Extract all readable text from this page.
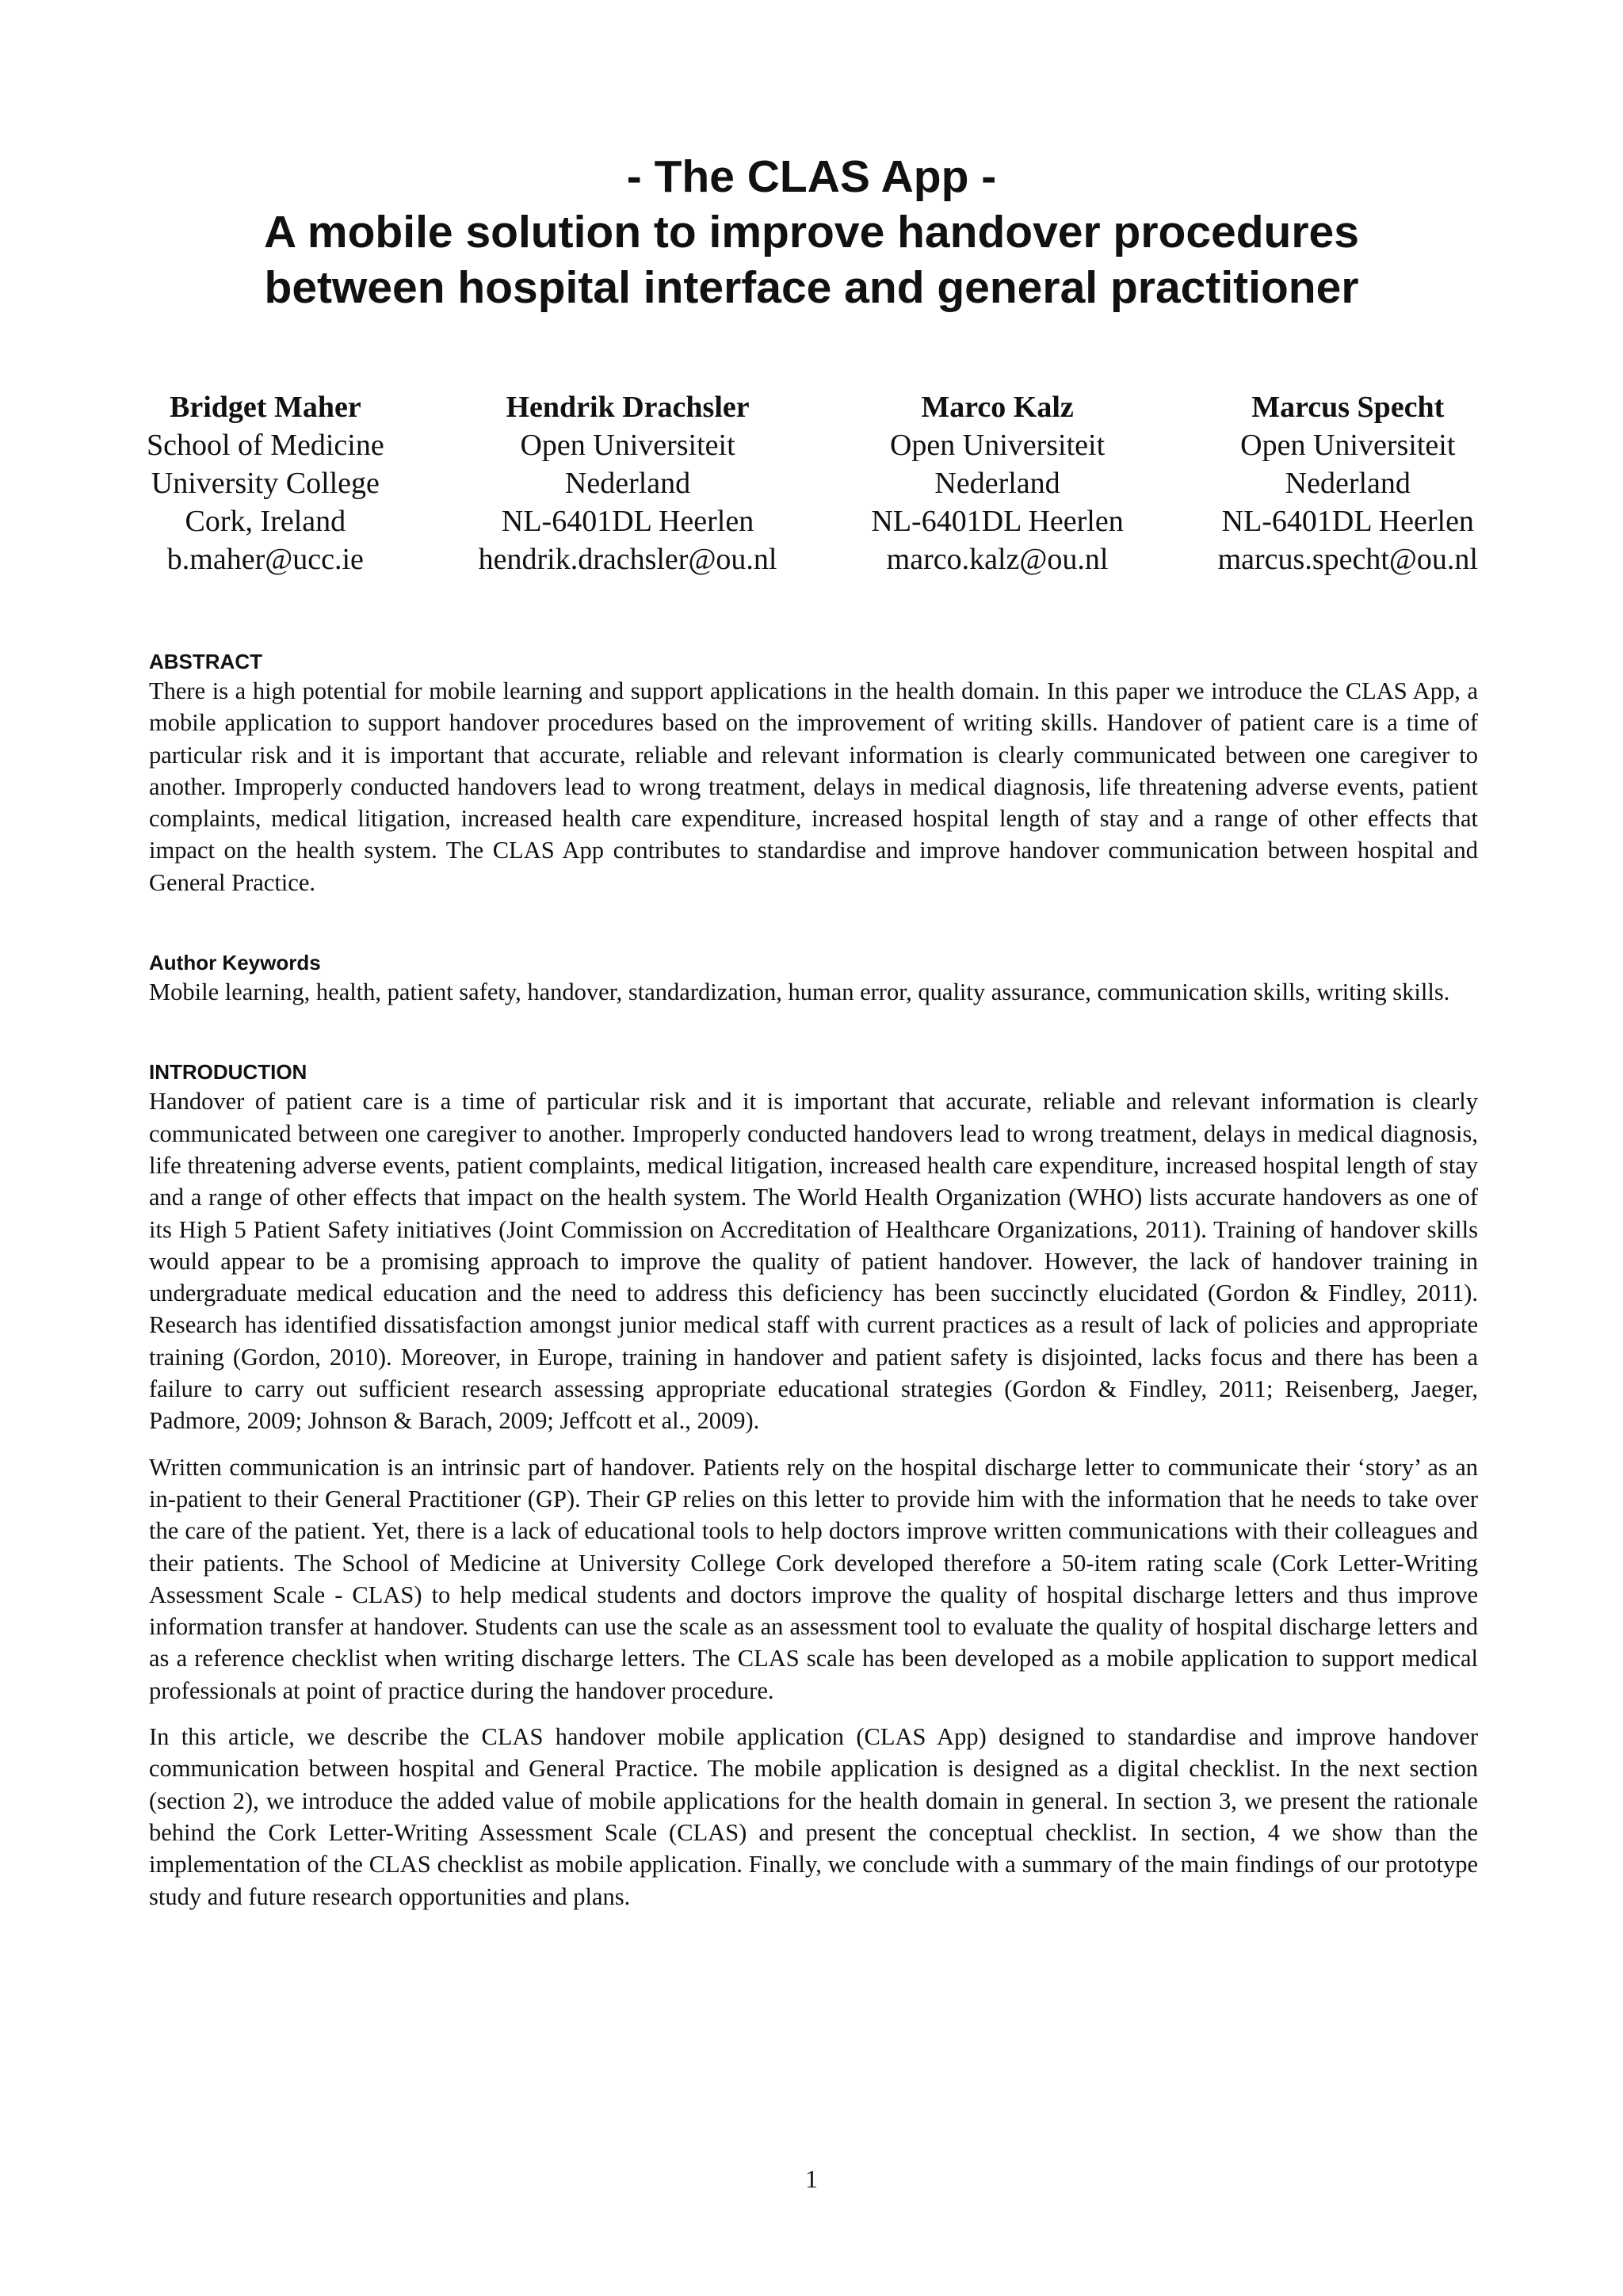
- The CLAS App -
A mobile solution to improve handover procedures
between hospital interface and general practitioner
Bridget Maher
School of Medicine
University College
Cork, Ireland
b.maher@ucc.ie
Hendrik Drachsler
Open Universiteit
Nederland
NL-6401DL Heerlen
hendrik.drachsler@ou.nl
Marco Kalz
Open Universiteit
Nederland
NL-6401DL Heerlen
marco.kalz@ou.nl
Marcus Specht
Open Universiteit
Nederland
NL-6401DL Heerlen
marcus.specht@ou.nl

ABSTRACT

There is a high potential for mobile learning and support applications in the health domain. In this paper we introduce the CLAS App, a mobile application to support handover procedures based on the improvement of writing skills. Handover of patient care is a time of particular risk and it is important that accurate, reliable and relevant information is clearly communicated between one caregiver to another. Improperly conducted handovers lead to wrong treatment, delays in medical diagnosis, life threatening adverse events, patient complaints, medical litigation, increased health care expenditure, increased hospital length of stay and a range of other effects that impact on the health system. The CLAS App contributes to standardise and improve handover communication between hospital and General Practice.

Author Keywords

Mobile learning, health, patient safety, handover, standardization, human error, quality assurance, communication skills, writing skills.

INTRODUCTION

Handover of patient care is a time of particular risk and it is important that accurate, reliable and relevant information is clearly communicated between one caregiver to another. Improperly conducted handovers lead to wrong treatment, delays in medical diagnosis, life threatening adverse events, patient complaints, medical litigation, increased health care expenditure, increased hospital length of stay and a range of other effects that impact on the health system. The World Health Organization (WHO) lists accurate handovers as one of its High 5 Patient Safety initiatives (Joint Commission on Accreditation of Healthcare Organizations, 2011). Training of handover skills would appear to be a promising approach to improve the quality of patient handover. However, the lack of handover training in undergraduate medical education and the need to address this deficiency has been succinctly elucidated (Gordon & Findley, 2011). Research has identified dissatisfaction amongst junior medical staff with current practices as a result of lack of policies and appropriate training (Gordon, 2010). Moreover, in Europe, training in handover and patient safety is disjointed, lacks focus and there has been a failure to carry out sufficient research assessing appropriate educational strategies (Gordon & Findley, 2011; Reisenberg, Jaeger, Padmore, 2009; Johnson & Barach, 2009; Jeffcott et al., 2009).

Written communication is an intrinsic part of handover. Patients rely on the hospital discharge letter to communicate their ‘story’ as an in-patient to their General Practitioner (GP). Their GP relies on this letter to provide him with the information that he needs to take over the care of the patient. Yet, there is a lack of educational tools to help doctors improve written communications with their colleagues and their patients. The School of Medicine at University College Cork developed therefore a 50-item rating scale (Cork Letter-Writing Assessment Scale - CLAS) to help medical students and doctors improve the quality of hospital discharge letters and thus improve information transfer at handover. Students can use the scale as an assessment tool to evaluate the quality of hospital discharge letters and as a reference checklist when writing discharge letters. The CLAS scale has been developed as a mobile application to support medical professionals at point of practice during the handover procedure.

In this article, we describe the CLAS handover mobile application (CLAS App) designed to standardise and improve handover communication between hospital and General Practice. The mobile application is designed as a digital checklist. In the next section (section 2), we introduce the added value of mobile applications for the health domain in general. In section 3, we present the rationale behind the Cork Letter-Writing Assessment Scale (CLAS) and present the conceptual checklist. In section, 4 we show than the implementation of the CLAS checklist as mobile application. Finally, we conclude with a summary of the main findings of our prototype study and future research opportunities and plans.

1
